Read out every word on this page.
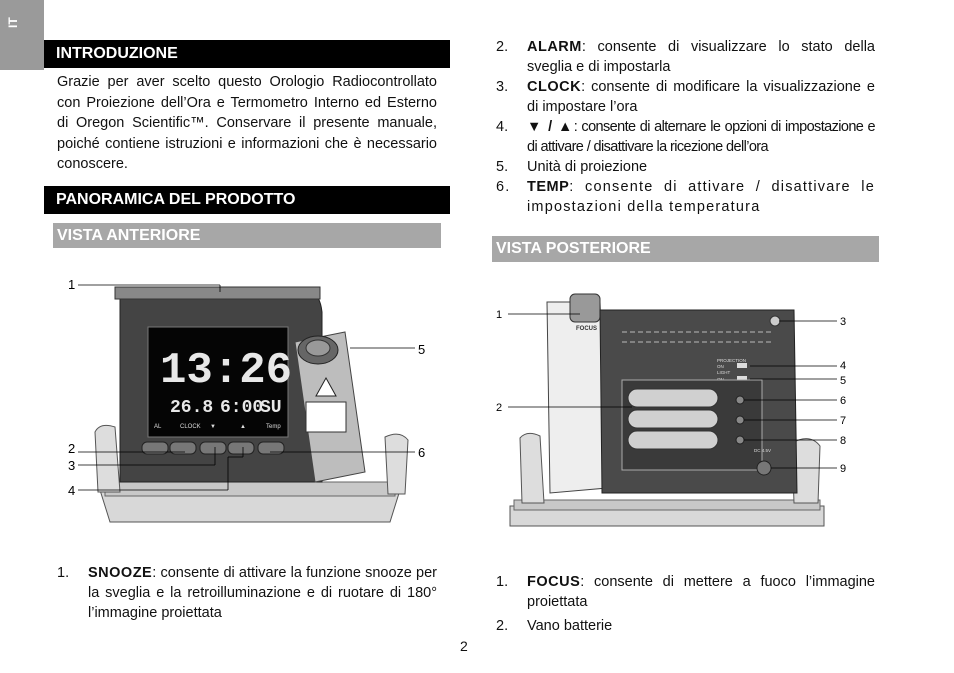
IT
INTRODUZIONE
Grazie per aver scelto questo Orologio Radiocontrollato con Proiezione dell’Ora e Termometro Interno ed Esterno di Oregon Scientific™. Conservare il presente manuale, poiché contiene istruzioni e informazioni che è necessario conoscere.
PANORAMICA DEL PRODOTTO
VISTA ANTERIORE
13:26
26.8 6:00
SU
AL	CLOCK ▼	▲	Temp
1
2
3
4
5
6
1. SNOOZE: consente di attivare la funzione snooze per la sveglia e la retroilluminazione e di ruotare di 180° l’immagine proiettata
2. ALARM: consente di visualizzare lo stato della sveglia e di impostarla
3. CLOCK: consente di modificare la visualizzazione e di impostare l’ora
4. ▼ / ▲: consente di alternare le opzioni di impostazione e di attivare / disattivare la ricezione dell’ora
5. Unità di proiezione
6. TEMP: consente di attivare / disattivare le impostazioni della temperatura
VISTA POSTERIORE
FOCUS
PROJECTION
ON
LIGHT
DC 4.5V
1
2
3
4
5
6
7
8
9
1. FOCUS: consente di mettere a fuoco l’immagine proiettata
2. Vano batterie
2
